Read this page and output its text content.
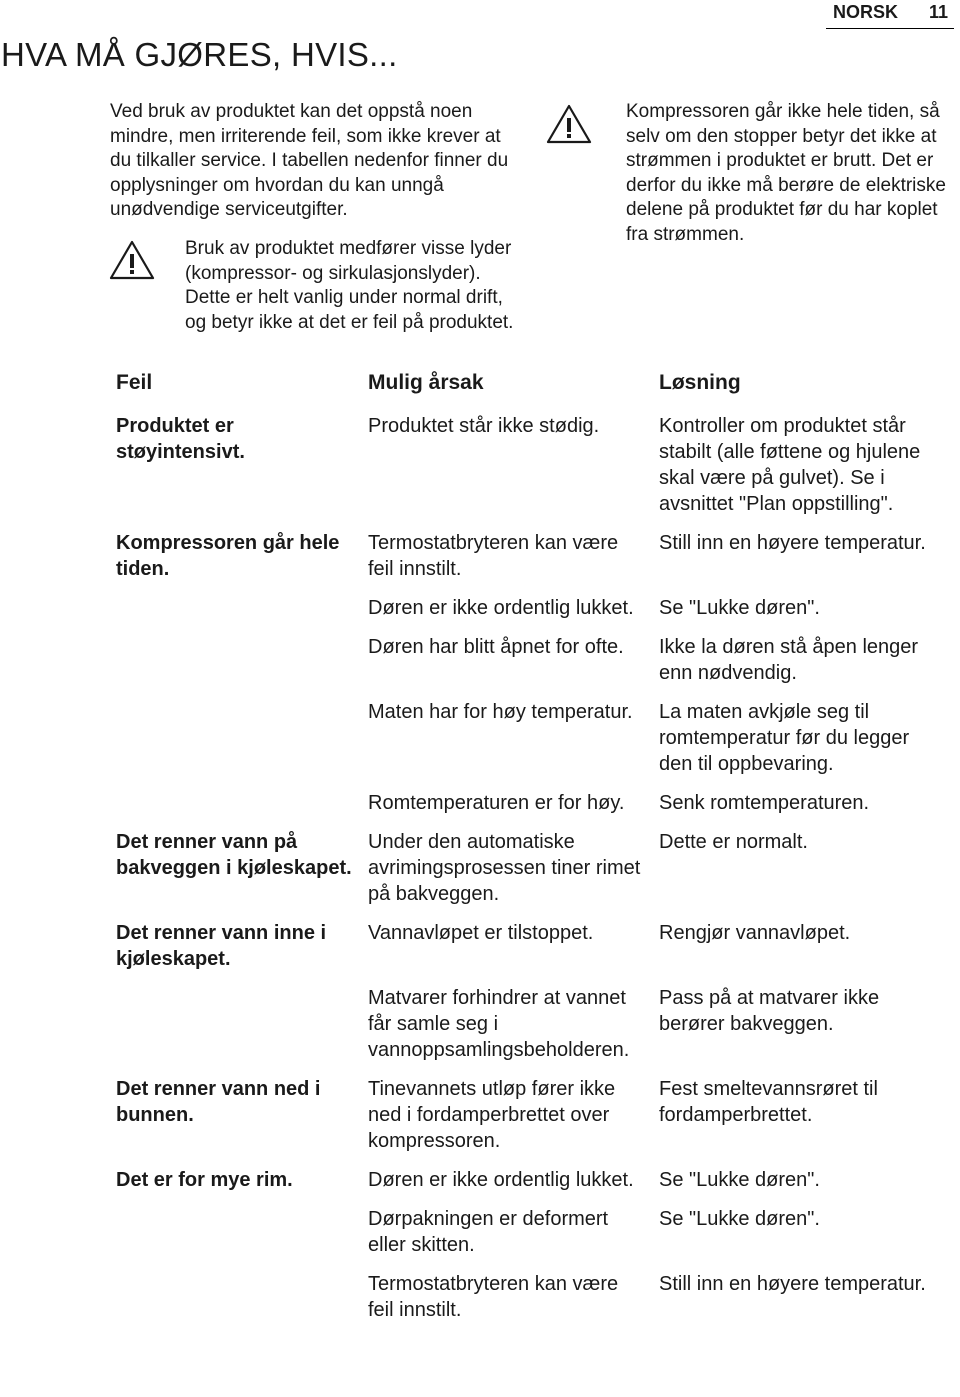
NORSK 11
HVA MÅ GJØRES, HVIS...
Ved bruk av produktet kan det oppstå noen mindre, men irriterende feil, som ikke krever at du tilkaller service. I tabellen nedenfor finner du opplysninger om hvordan du kan unngå unødvendige serviceutgifter.
Bruk av produktet medfører visse lyder (kompressor- og sirkulasjonslyder). Dette er helt vanlig under normal drift, og betyr ikke at det er feil på produktet.
Kompressoren går ikke hele tiden, så selv om den stopper betyr det ikke at strømmen i produktet er brutt. Det er derfor du ikke må berøre de elektriske delene på produktet før du har koplet fra strømmen.
Feil	Mulig årsak	Løsning
Produktet er støyintensivt.	Produktet står ikke stødig.	Kontroller om produktet står stabilt (alle føttene og hjulene skal være på gulvet). Se i avsnittet "Plan oppstilling".
Kompressoren går hele tiden.	Termostatbryteren kan være feil innstilt.	Still inn en høyere temperatur.
	Døren er ikke ordentlig lukket.	Se "Lukke døren".
	Døren har blitt åpnet for ofte.	Ikke la døren stå åpen lenger enn nødvendig.
	Maten har for høy temperatur.	La maten avkjøle seg til romtemperatur før du legger den til oppbevaring.
	Romtemperaturen er for høy.	Senk romtemperaturen.
Det renner vann på bakveggen i kjøleskapet.	Under den automatiske avrimingsprosessen tiner rimet på bakveggen.	Dette er normalt.
Det renner vann inne i kjøleskapet.	Vannavløpet er tilstoppet.	Rengjør vannavløpet.
	Matvarer forhindrer at vannet får samle seg i vannoppsamlingsbeholderen.	Pass på at matvarer ikke berører bakveggen.
Det renner vann ned i bunnen.	Tinevannets utløp fører ikke ned i fordamperbrettet over kompressoren.	Fest smeltevannsrøret til fordamperbrettet.
Det er for mye rim.	Døren er ikke ordentlig lukket.	Se "Lukke døren".
	Dørpakningen er deformert eller skitten.	Se "Lukke døren".
	Termostatbryteren kan være feil innstilt.	Still inn en høyere temperatur.
